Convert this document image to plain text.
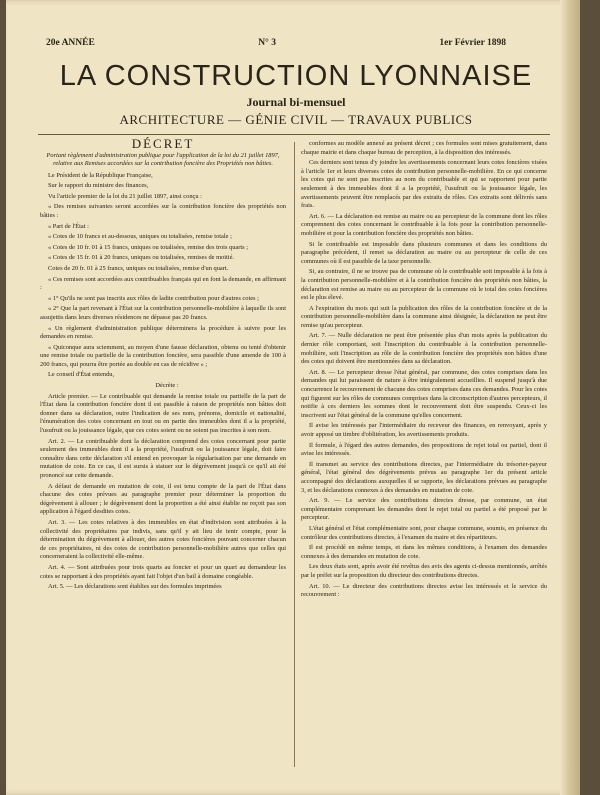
20e ANNÉE	N° 3	1er Février 1898
LA CONSTRUCTION LYONNAISE
Journal bi-mensuel
ARCHITECTURE — GÉNIE CIVIL — TRAVAUX PUBLICS
DÉCRET
Portant règlement d'administration publique pour l'application de la loi du 21 juillet 1897, relative aux Remises accordées sur la contribution foncière des Propriétés non bâties.

Le Président de la République Française,

Sur le rapport du ministre des finances,

Vu l'article premier de la loi du 21 juillet 1897, ainsi conçu :

« Des remises suivantes seront accordées sur la contribution foncière des propriétés non bâties :

« Part de l'État :

« Cotes de 10 francs et au-dessous, uniques ou totalisées, remise totale ;

« Cotes de 10 fr. 01 à 15 francs, uniques ou totalisées, remise des trois quarts ;

« Cotes de 15 fr. 01 à 20 francs, uniques ou totalisées, remises de moitié.

Cotes de 20 fr. 01 à 25 francs, uniques ou totalisées, remise d'un quart.

« Ces remises sont accordées aux contribuables français qui en font la demande, en affirmant :

« 1° Qu'ils ne sont pas inscrits aux rôles de ladite contribution pour d'autres cotes ;

« 2° Que la part revenant à l'État sur la contribution personnelle-mobilière à laquelle ils sont assujettis dans leurs diverses résidences ne dépasse pas 20 francs.

« Un règlement d'administration publique déterminera la procédure à suivre pour les demandes en remise.

« Quiconque aura sciemment, au moyen d'une fausse déclaration, obtenu ou tenté d'obtenir une remise totale ou partielle de la contribution foncière, sera passible d'une amende de 100 à 200 francs, qui pourra être portée au double en cas de récidive » ;

Le conseil d'État entendu,

Décrète :

Article premier. — Le contribuable qui demande la remise totale ou partielle de la part de l'État dans la contribution foncière dont il est passible à raison de propriétés non bâties doit donner dans sa déclaration, outre l'indication de ses nom, prénoms, domicile et nationalité, l'énumération des cotes concernant en tout ou en partie des immeubles dont il a la propriété, l'usufruit ou la jouissance légale, que ces cotes soient ou ne soient pas inscrites à son nom.

Art. 2. — Le contribuable dont la déclaration comprend des cotes concernant pour partie seulement des immeubles dont il a la propriété, l'usufruit ou la jouissance légale, doit faire connaître dans cette déclaration s'il entend en provoquer la régularisation par une demande en mutation de cote. En ce cas, il est sursis à statuer sur le dégrèvement jusqu'à ce qu'il ait été prononcé sur cette demande.

A défaut de demande en mutation de cote, il est tenu compte de la part de l'État dans chacune des cotes prévues au paragraphe premier pour déterminer la proportion du dégrèvement à allouer ; le dégrèvement dont la proportion a été ainsi établie ne reçoit pas son application à l'égard desdites cotes.

Art. 3. — Les cotes relatives à des immeubles en état d'indivision sont attribuées à la collectivité des propriétaires par indivis, sans qu'il y ait lieu de tenir compte, pour la détermination du dégrèvement à allouer, des autres cotes foncières pouvant concerner chacun de ces propriétaires, ni des cotes de contribution personnelle-mobilière autres que celles qui concerneraient la collectivité elle-même.

Art. 4. — Sont attribuées pour trois quarts au foncier et pour un quart au demandeur les cotes se rapportant à des propriétés ayant fait l'objet d'un bail à domaine congéable.

Art. 5. — Les déclarations sont établies sur des formules imprimées

conformes au modèle annexé au présent décret ; ces formules sont mises gratuitement, dans chaque mairie et dans chaque bureau de perception, à la disposition des intéressés.

Ces derniers sont tenus d'y joindre les avertissements concernant leurs cotes foncières visées à l'article 1er et leurs diverses cotes de contribution personnelle-mobilière. En ce qui concerne les cotes qui ne sont pas inscrites au nom du contribuable et qui se rapportent pour partie seulement à des immeubles dont il a la propriété, l'usufruit ou la jouissance légale, les avertissements peuvent être remplacés par des extraits de rôles. Ces extraits sont délivrés sans frais.

Art. 6. — La déclaration est remise au maire ou au percepteur de la commune dont les rôles comprennent des cotes concernant le contribuable à la fois pour la contribution personnelle-mobilière et pour la contribution foncière des propriétés non bâties.

Si le contribuable est imposable dans plusieurs communes et dans les conditions du paragraphe précédent, il remet sa déclaration au maire ou au percepteur de celle de ces communes où il est passible de la taxe personnelle.

Si, au contraire, il ne se trouve pas de commune où le contribuable soit imposable à la fois à la contribution personnelle-mobilière et à la contribution foncière des propriétés non bâties, la déclaration est remise au maire ou au percepteur de la commune où le total des cotes foncières est le plus élevé.

A l'expiration du mois qui suit la publication des rôles de la contribution foncière et de la contribution personnelle-mobilière dans la commune ainsi désignée, la déclaration ne peut être remise qu'au percepteur.

Art. 7. — Nulle déclaration ne peut être présentée plus d'un mois après la publication du dernier rôle comportant, soit l'inscription du contribuable à la contribution personnelle-mobilière, soit l'inscription au rôle de la contribution foncière des propriétés non bâties d'une des cotes qui doivent être mentionnées dans sa déclaration.

Art. 8. — Le percepteur dresse l'état général, par commune, des cotes comprises dans les demandes qui lui paraissent de nature à être intégralement accueillies. Il suspend jusqu'à due concurrence le recouvrement de chacune des cotes comprises dans ces demandes. Pour les cotes qui figurent sur les rôles de communes comprises dans la circonscription d'autres percepteurs, il notifie à ces derniers les sommes dont le recouvrement doit être suspendu. Ceux-ci les inscrivent sur l'état général de la commune qu'elles concernent.

Il avise les intéressés par l'intermédiaire du receveur des finances, en renvoyant, après y avoir apposé un timbre d'oblitération, les avertissements produits.

Il formule, à l'égard des autres demandes, des propositions de rejet total ou partiel, dont il avise les intéressés.

Il transmet au service des contributions directes, par l'intermédiaire du trésorier-payeur général, l'état général des dégrèvements prévus au paragraphe 1er du présent article accompagné des déclarations auxquelles il se rapporte, les déclarations prévues au paragraphe 3, et les déclarations connexes à des demandes en mutation de cote.

Art. 9. — Le service des contributions directes dresse, par commune, un état complémentaire comprenant les demandes dont le rejet total ou partiel a été proposé par le percepteur.

L'état général et l'état complémentaire sont, pour chaque commune, soumis, en présence du contrôleur des contributions directes, à l'examen du maire et des répartiteurs.

Il est procédé en même temps, et dans les mêmes conditions, à l'examen des demandes connexes à des demandes en mutation de cote.

Les deux états sont, après avoir été revêtus des avis des agents ci-dessus mentionnés, arrêtés par le préfet sur la proposition du directeur des contributions directes.

Art. 10. — Le directeur des contributions directes avise les intéressés et le service du recouvrement :
